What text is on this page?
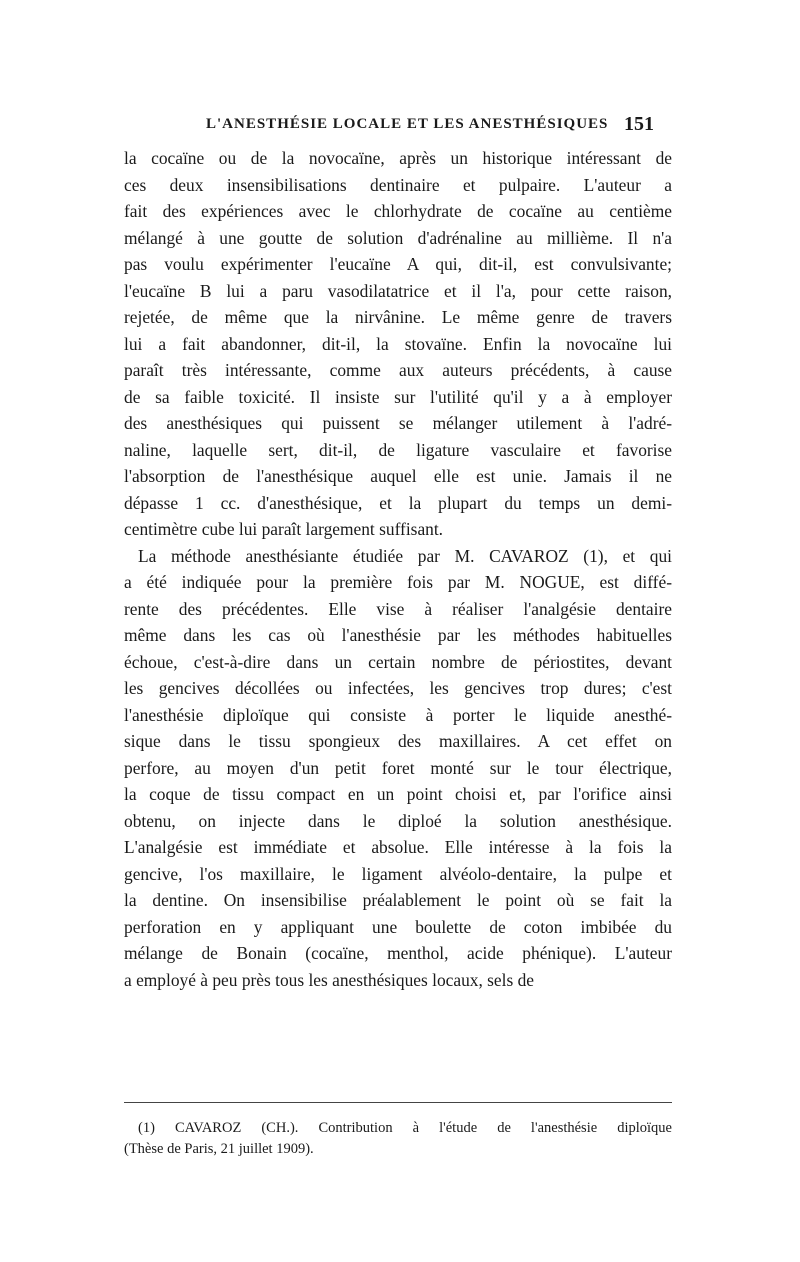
L'ANESTHÉSIE LOCALE ET LES ANESTHÉSIQUES 151
la cocaïne ou de la novocaïne, après un historique intéressant de
ces deux insensibilisations dentinaire et pulpaire. L'auteur a
fait des expériences avec le chlorhydrate de cocaïne au centième
mélangé à une goutte de solution d'adrénaline au millième. Il n'a
pas voulu expérimenter l'eucaïne A qui, dit-il, est convulsivante;
l'eucaïne B lui a paru vasodilatatrice et il l'a, pour cette raison,
rejetée, de même que la nirvânine. Le même genre de travers
lui a fait abandonner, dit-il, la stovaïne. Enfin la novocaïne lui
paraît très intéressante, comme aux auteurs précédents, à cause
de sa faible toxicité. Il insiste sur l'utilité qu'il y a à employer
des anesthésiques qui puissent se mélanger utilement à l'adré-
naline, laquelle sert, dit-il, de ligature vasculaire et favorise
l'absorption de l'anesthésique auquel elle est unie. Jamais il ne
dépasse 1 cc. d'anesthésique, et la plupart du temps un demi-
centimètre cube lui paraît largement suffisant.
La méthode anesthésiante étudiée par M. CAVAROZ (1), et qui
a été indiquée pour la première fois par M. NOGUE, est diffé-
rente des précédentes. Elle vise à réaliser l'analgésie dentaire
même dans les cas où l'anesthésie par les méthodes habituelles
échoue, c'est-à-dire dans un certain nombre de périostites, devant
les gencives décollées ou infectées, les gencives trop dures; c'est
l'anesthésie diploïque qui consiste à porter le liquide anesthé-
sique dans le tissu spongieux des maxillaires. A cet effet on
perfore, au moyen d'un petit foret monté sur le tour électrique,
la coque de tissu compact en un point choisi et, par l'orifice ainsi
obtenu, on injecte dans le diploé la solution anesthésique.
L'analgésie est immédiate et absolue. Elle intéresse à la fois la
gencive, l'os maxillaire, le ligament alvéolo-dentaire, la pulpe et
la dentine. On insensibilise préalablement le point où se fait la
perforation en y appliquant une boulette de coton imbibée du
mélange de Bonain (cocaïne, menthol, acide phénique). L'auteur
a employé à peu près tous les anesthésiques locaux, sels de
(1) CAVAROZ (CH.). Contribution à l'étude de l'anesthésie diploïque
(Thèse de Paris, 21 juillet 1909).
